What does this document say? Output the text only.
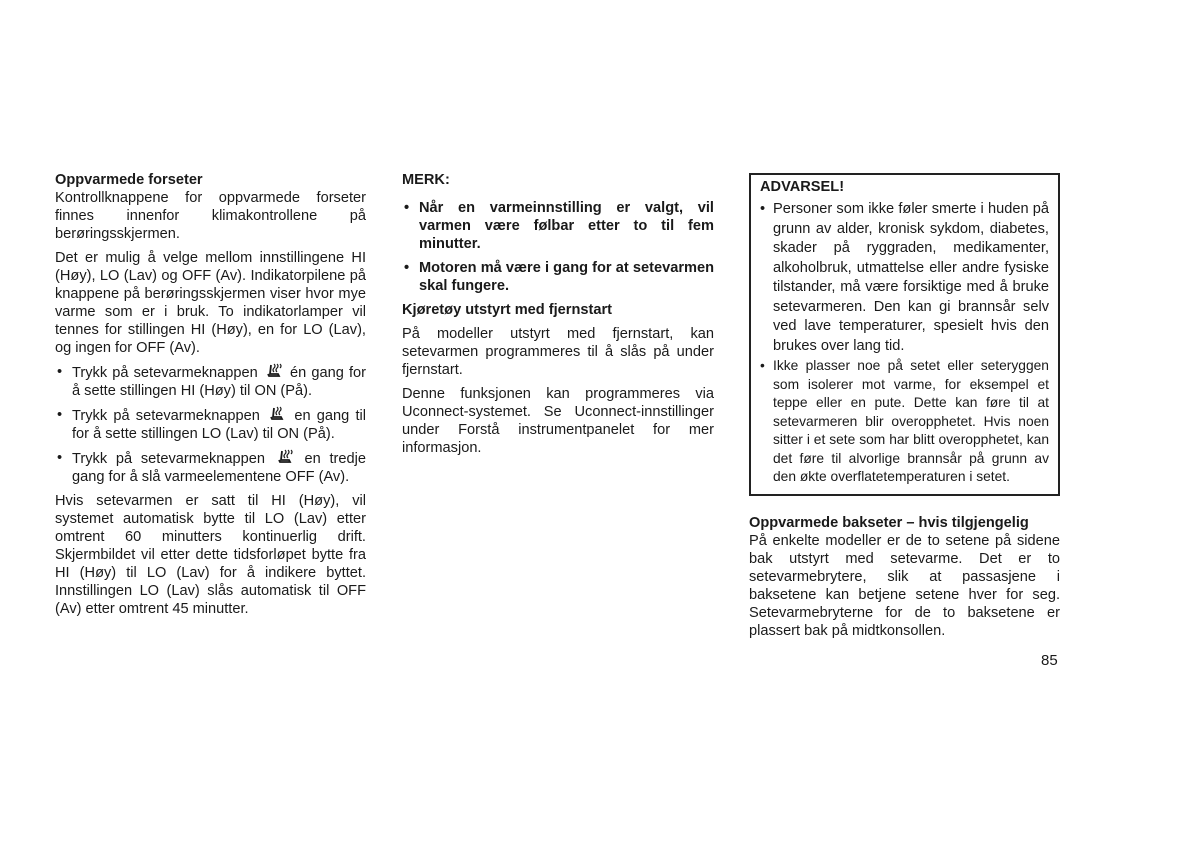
Oppvarmede forseter

Kontrollknappene for oppvarmede forseter finnes innenfor klimakontrollene på berøringsskjermen.

Det er mulig å velge mellom innstillingene HI (Høy), LO (Lav) og OFF (Av). Indikatorpilene på knappene på berøringsskjermen viser hvor mye varme som er i bruk. To indikatorlamper vil tennes for stillingen HI (Høy), en for LO (Lav), og ingen for OFF (Av).

• Trykk på setevarmeknappen  én gang for å sette stillingen HI (Høy) til ON (På).
• Trykk på setevarmeknappen  en gang til for å sette stillingen LO (Lav) til ON (På).
• Trykk på setevarmeknappen  en tredje gang for å slå varmeelementene OFF (Av).

Hvis setevarmen er satt til HI (Høy), vil systemet automatisk bytte til LO (Lav) etter omtrent 60 minutters kontinuerlig drift. Skjermbildet vil etter dette tidsforløpet bytte fra HI (Høy) til LO (Lav) for å indikere byttet. Innstillingen LO (Lav) slås automatisk til OFF (Av) etter omtrent 45 minutter.

MERK:
• Når en varmeinnstilling er valgt, vil varmen være følbar etter to til fem minutter.
• Motoren må være i gang for at setevarmen skal fungere.
Kjøretøy utstyrt med fjernstart

På modeller utstyrt med fjernstart, kan setevarmen programmeres til å slås på under fjernstart.

Denne funksjonen kan programmeres via Uconnect-systemet. Se Uconnect-innstillinger under Forstå instrumentpanelet for mer informasjon.

ADVARSEL!
• Personer som ikke føler smerte i huden på grunn av alder, kronisk sykdom, diabetes, skader på ryggraden, medikamenter, alkoholbruk, utmattelse eller andre fysiske tilstander, må være forsiktige med å bruke setevarmeren. Den kan gi brannsår selv ved lave temperaturer, spesielt hvis den brukes over lang tid.
• Ikke plasser noe på setet eller seteryggen som isolerer mot varme, for eksempel et teppe eller en pute. Dette kan føre til at setevarmeren blir overopphetet. Hvis noen sitter i et sete som har blitt overopphetet, kan det føre til alvorlige brannsår på grunn av den økte overflatetemperaturen i setet.
Oppvarmede bakseter – hvis tilgjengelig

På enkelte modeller er de to setene på sidene bak utstyrt med setevarme. Det er to setevarmebrytere, slik at passasjene i baksetene kan betjene setene hver for seg. Setevarmebryterne for de to baksetene er plassert bak på midtkonsollen.

85
